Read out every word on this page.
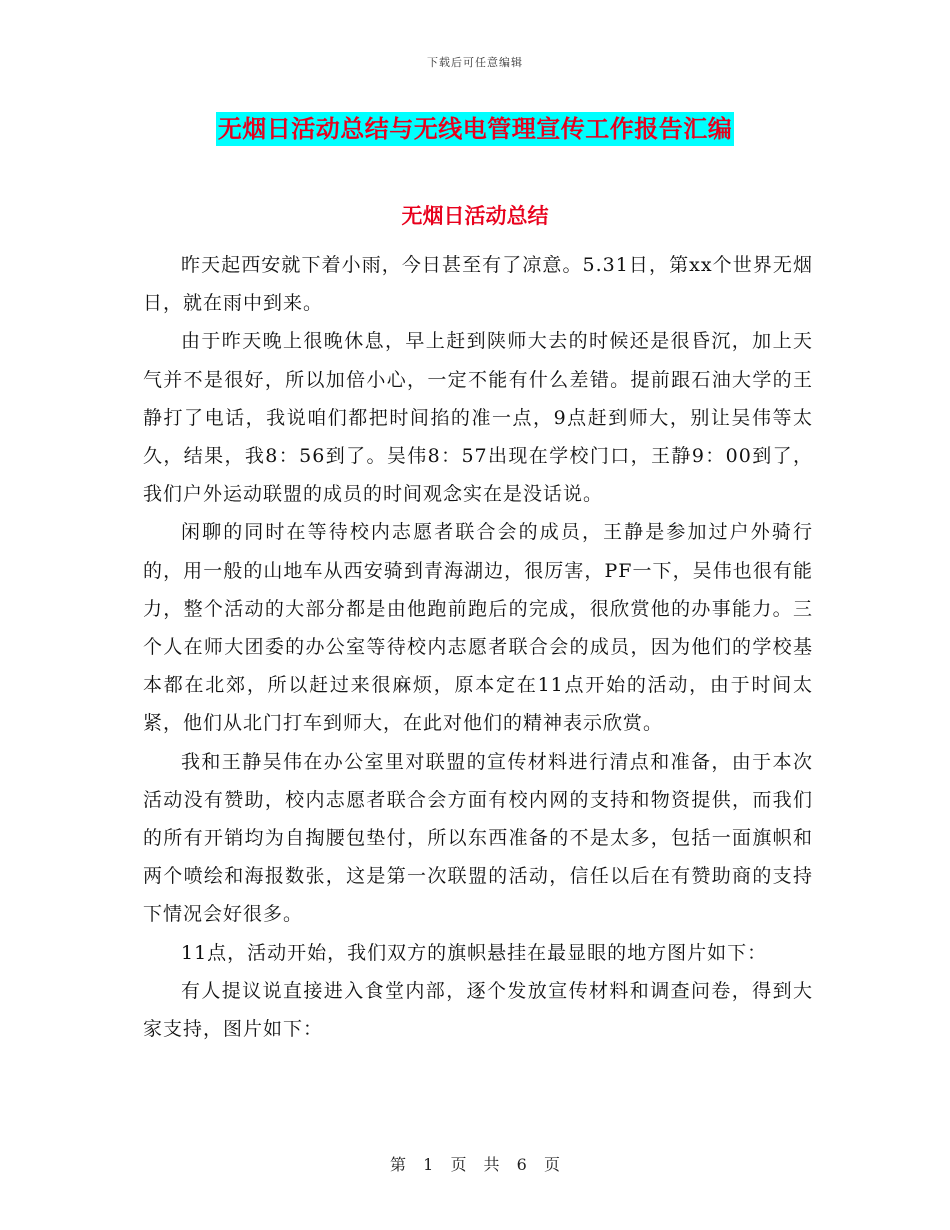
下载后可任意编辑
无烟日活动总结与无线电管理宣传工作报告汇编
无烟日活动总结

昨天起西安就下着小雨，今日甚至有了凉意。5.31日，第xx个世界无烟日，就在雨中到来。

由于昨天晚上很晚休息，早上赶到陕师大去的时候还是很昏沉，加上天气并不是很好，所以加倍小心，一定不能有什么差错。提前跟石油大学的王静打了电话，我说咱们都把时间掐的准一点，9点赶到师大，别让吴伟等太久，结果，我8：56到了。吴伟8：57出现在学校门口，王静9：00到了，我们户外运动联盟的成员的时间观念实在是没话说。

闲聊的同时在等待校内志愿者联合会的成员，王静是参加过户外骑行的，用一般的山地车从西安骑到青海湖边，很厉害，PF一下，吴伟也很有能力，整个活动的大部分都是由他跑前跑后的完成，很欣赏他的办事能力。三个人在师大团委的办公室等待校内志愿者联合会的成员，因为他们的学校基本都在北郊，所以赶过来很麻烦，原本定在11点开始的活动，由于时间太紧，他们从北门打车到师大，在此对他们的精神表示欣赏。

我和王静吴伟在办公室里对联盟的宣传材料进行清点和准备，由于本次活动没有赞助，校内志愿者联合会方面有校内网的支持和物资提供，而我们的所有开销均为自掏腰包垫付，所以东西准备的不是太多，包括一面旗帜和两个喷绘和海报数张，这是第一次联盟的活动，信任以后在有赞助商的支持下情况会好很多。

11点，活动开始，我们双方的旗帜悬挂在最显眼的地方图片如下：

有人提议说直接进入食堂内部，逐个发放宣传材料和调查问卷，得到大家支持，图片如下：

第 1 页 共 6 页
